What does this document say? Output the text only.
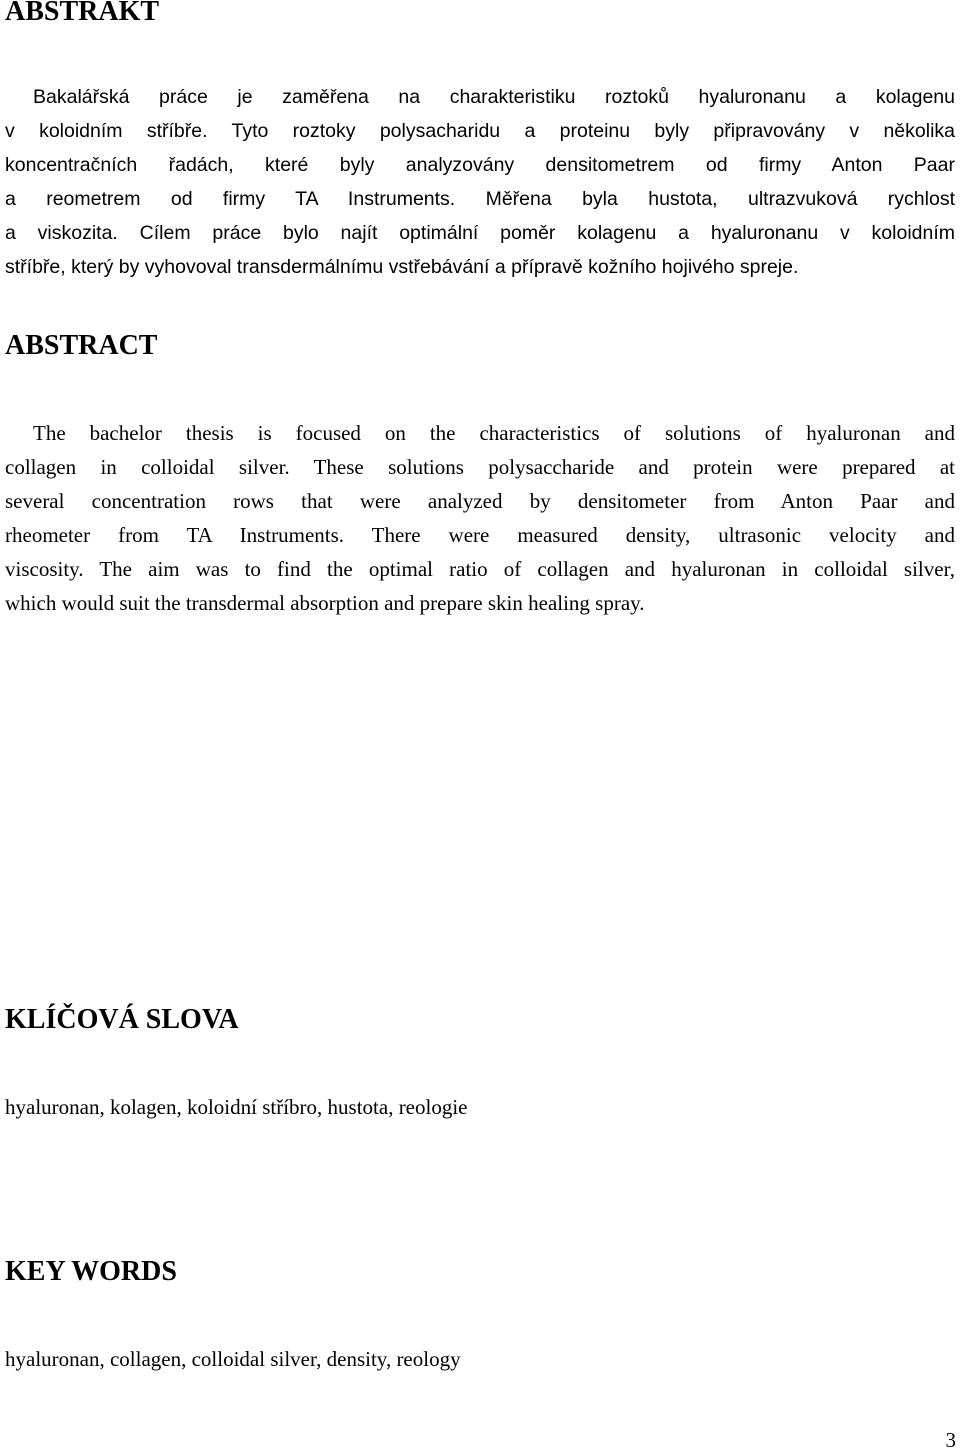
ABSTRAKT
Bakalářská práce je zaměřena na charakteristiku roztoků hyaluronanu a kolagenu
v koloidním stříbře. Tyto roztoky polysacharidu a proteinu byly připravovány v několika
koncentračních řadách, které byly analyzovány densitometrem od firmy Anton Paar
a reometrem od firmy TA Instruments. Měřena byla hustota, ultrazvuková rychlost
a viskozita. Cílem práce bylo najít optimální poměr kolagenu a hyaluronanu v koloidním
stříbře, který by vyhovoval transdermálnímu vstřebávání a přípravě kožního hojivého spreje.
ABSTRACT
The bachelor thesis is focused on the characteristics of solutions of hyaluronan and
collagen in colloidal silver. These solutions polysaccharide and protein were prepared at
several concentration rows that were analyzed by densitometer from Anton Paar and
rheometer from TA Instruments. There were measured density, ultrasonic velocity and
viscosity. The aim was to find the optimal ratio of collagen and hyaluronan in colloidal silver,
which would suit the transdermal absorption and prepare skin healing spray.
KLÍČOVÁ SLOVA

hyaluronan, kolagen, koloidní stříbro, hustota, reologie

KEY WORDS

hyaluronan, collagen, colloidal silver, density, reology

3
